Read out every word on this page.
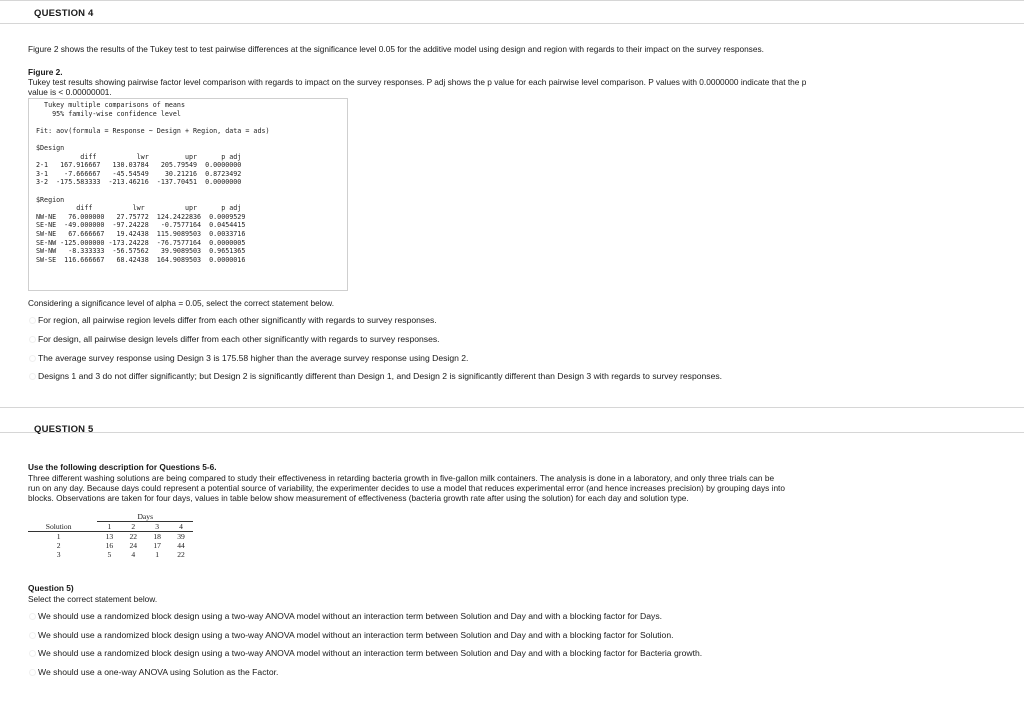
QUESTION 4
Figure 2 shows the results of the Tukey test to test pairwise differences at the significance level 0.05 for the additive model using design and region with regards to their impact on the survey responses.
Figure 2.
Tukey test results showing pairwise factor level comparison with regards to impact on the survey responses. P adj shows the p value for each pairwise level comparison. P values with 0.0000000 indicate that the p
value is < 0.00000001.
Tukey multiple comparisons of means
95% family-wise confidence level

Fit: aov(formula = Response ~ Design + Region, data = ads)

$Design
diff          lwr         upr      p adj
2-1   167.916667   130.03784   205.79549  0.0000000
3-1    -7.666667   -45.54549    30.21216  0.8723492
3-2  -175.583333  -213.46216  -137.70451  0.0000000

$Region
diff          lwr          upr      p adj
NW-NE   76.000000   27.75772  124.2422836  0.0009529
SE-NE  -49.000000  -97.24228   -0.7577164  0.0454415
SW-NE   67.666667   19.42438  115.9089503  0.0033716
SE-NW -125.000000 -173.24228  -76.7577164  0.0000005
SW-NW   -8.333333  -56.57562   39.9089503  0.9651365
SW-SE  116.666667   68.42438  164.9089503  0.0000016
Considering a significance level of alpha = 0.05, select the correct statement below.
For region, all pairwise region levels differ from each other significantly with regards to survey responses.
For design, all pairwise design levels differ from each other significantly with regards to survey responses.
The average survey response using Design 3 is 175.58 higher than the average survey response using Design 2.
Designs 1 and 3 do not differ significantly; but Design 2 is significantly different than Design 1, and Design 2 is significantly different than Design 3 with regards to survey responses.
QUESTION 5
Use the following description for Questions 5-6.
Three different washing solutions are being compared to study their effectiveness in retarding bacteria growth in five-gallon milk containers. The analysis is done in a laboratory, and only three trials can be
run on any day. Because days could represent a potential source of variability, the experimenter decides to use a model that reduces experimental error (and hence increases precision) by grouping days into
blocks. Observations are taken for four days, values in table below show measurement of effectiveness (bacteria growth rate after using the solution) for each day and solution type.
		Days			
Solution		1	2	3	4
1		13	22	18	39
2		16	24	17	44
3		5	4	1	22
Question 5)
Select the correct statement below.
We should use a randomized block design using a two-way ANOVA model without an interaction term between Solution and Day and with a blocking factor for Days.
We should use a randomized block design using a two-way ANOVA model without an interaction term between Solution and Day and with a blocking factor for Solution.
We should use a randomized block design using a two-way ANOVA model without an interaction term between Solution and Day and with a blocking factor for Bacteria growth.
We should use a one-way ANOVA using Solution as the Factor.
